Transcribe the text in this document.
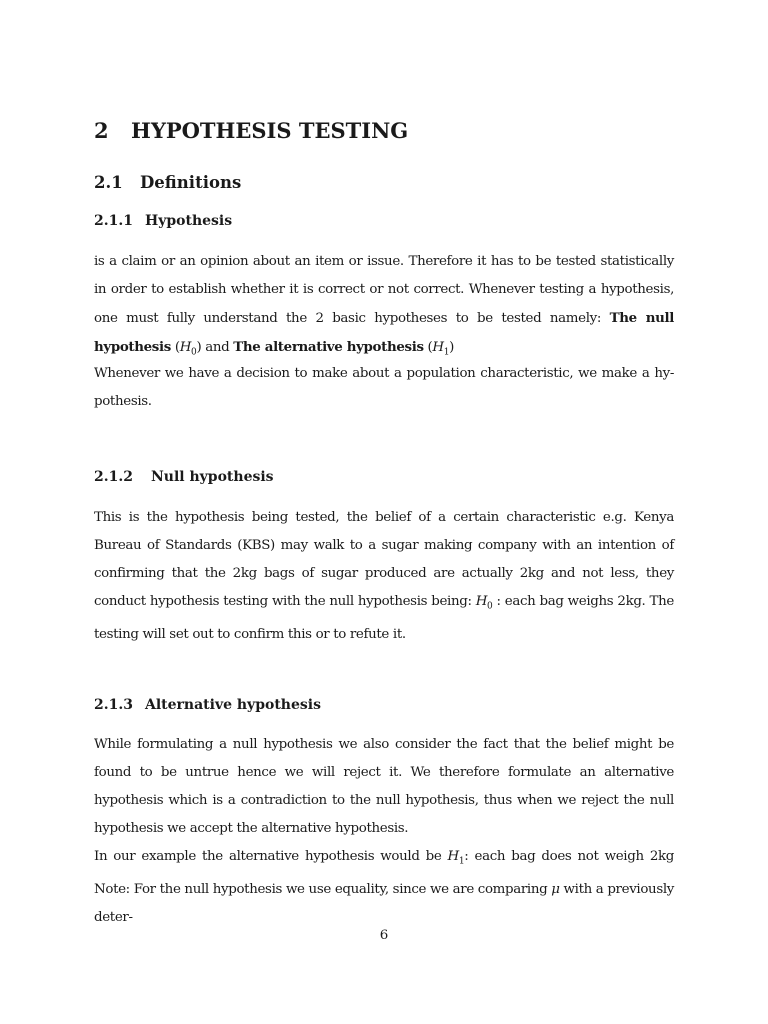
2 HYPOTHESIS TESTING
2.1 Definitions
2.1.1 Hypothesis
is a claim or an opinion about an item or issue. Therefore it has to be tested statistically in order to establish whether it is correct or not correct. Whenever testing a hypothesis, one must fully understand the 2 basic hypotheses to be tested namely: The null hypothesis $(H_0)$ and The alternative hypothesis $(H_1)$
Whenever we have a decision to make about a population characteristic, we make a hy-pothesis.
2.1.2 Null hypothesis
This is the hypothesis being tested, the belief of a certain characteristic e.g. Kenya Bureau of Standards (KBS) may walk to a sugar making company with an intention of confirming that the 2kg bags of sugar produced are actually 2kg and not less, they conduct hypothesis testing with the null hypothesis being: $H_0$ : each bag weighs 2kg. The testing will set out to confirm this or to refute it.
2.1.3 Alternative hypothesis
While formulating a null hypothesis we also consider the fact that the belief might be found to be untrue hence we will reject it. We therefore formulate an alternative hypothesis which is a contradiction to the null hypothesis, thus when we reject the null hypothesis we accept the alternative hypothesis.
In our example the alternative hypothesis would be $H_1$: each bag does not weigh 2kg Note: For the null hypothesis we use equality, since we are comparing μ with a previously deter-
6
